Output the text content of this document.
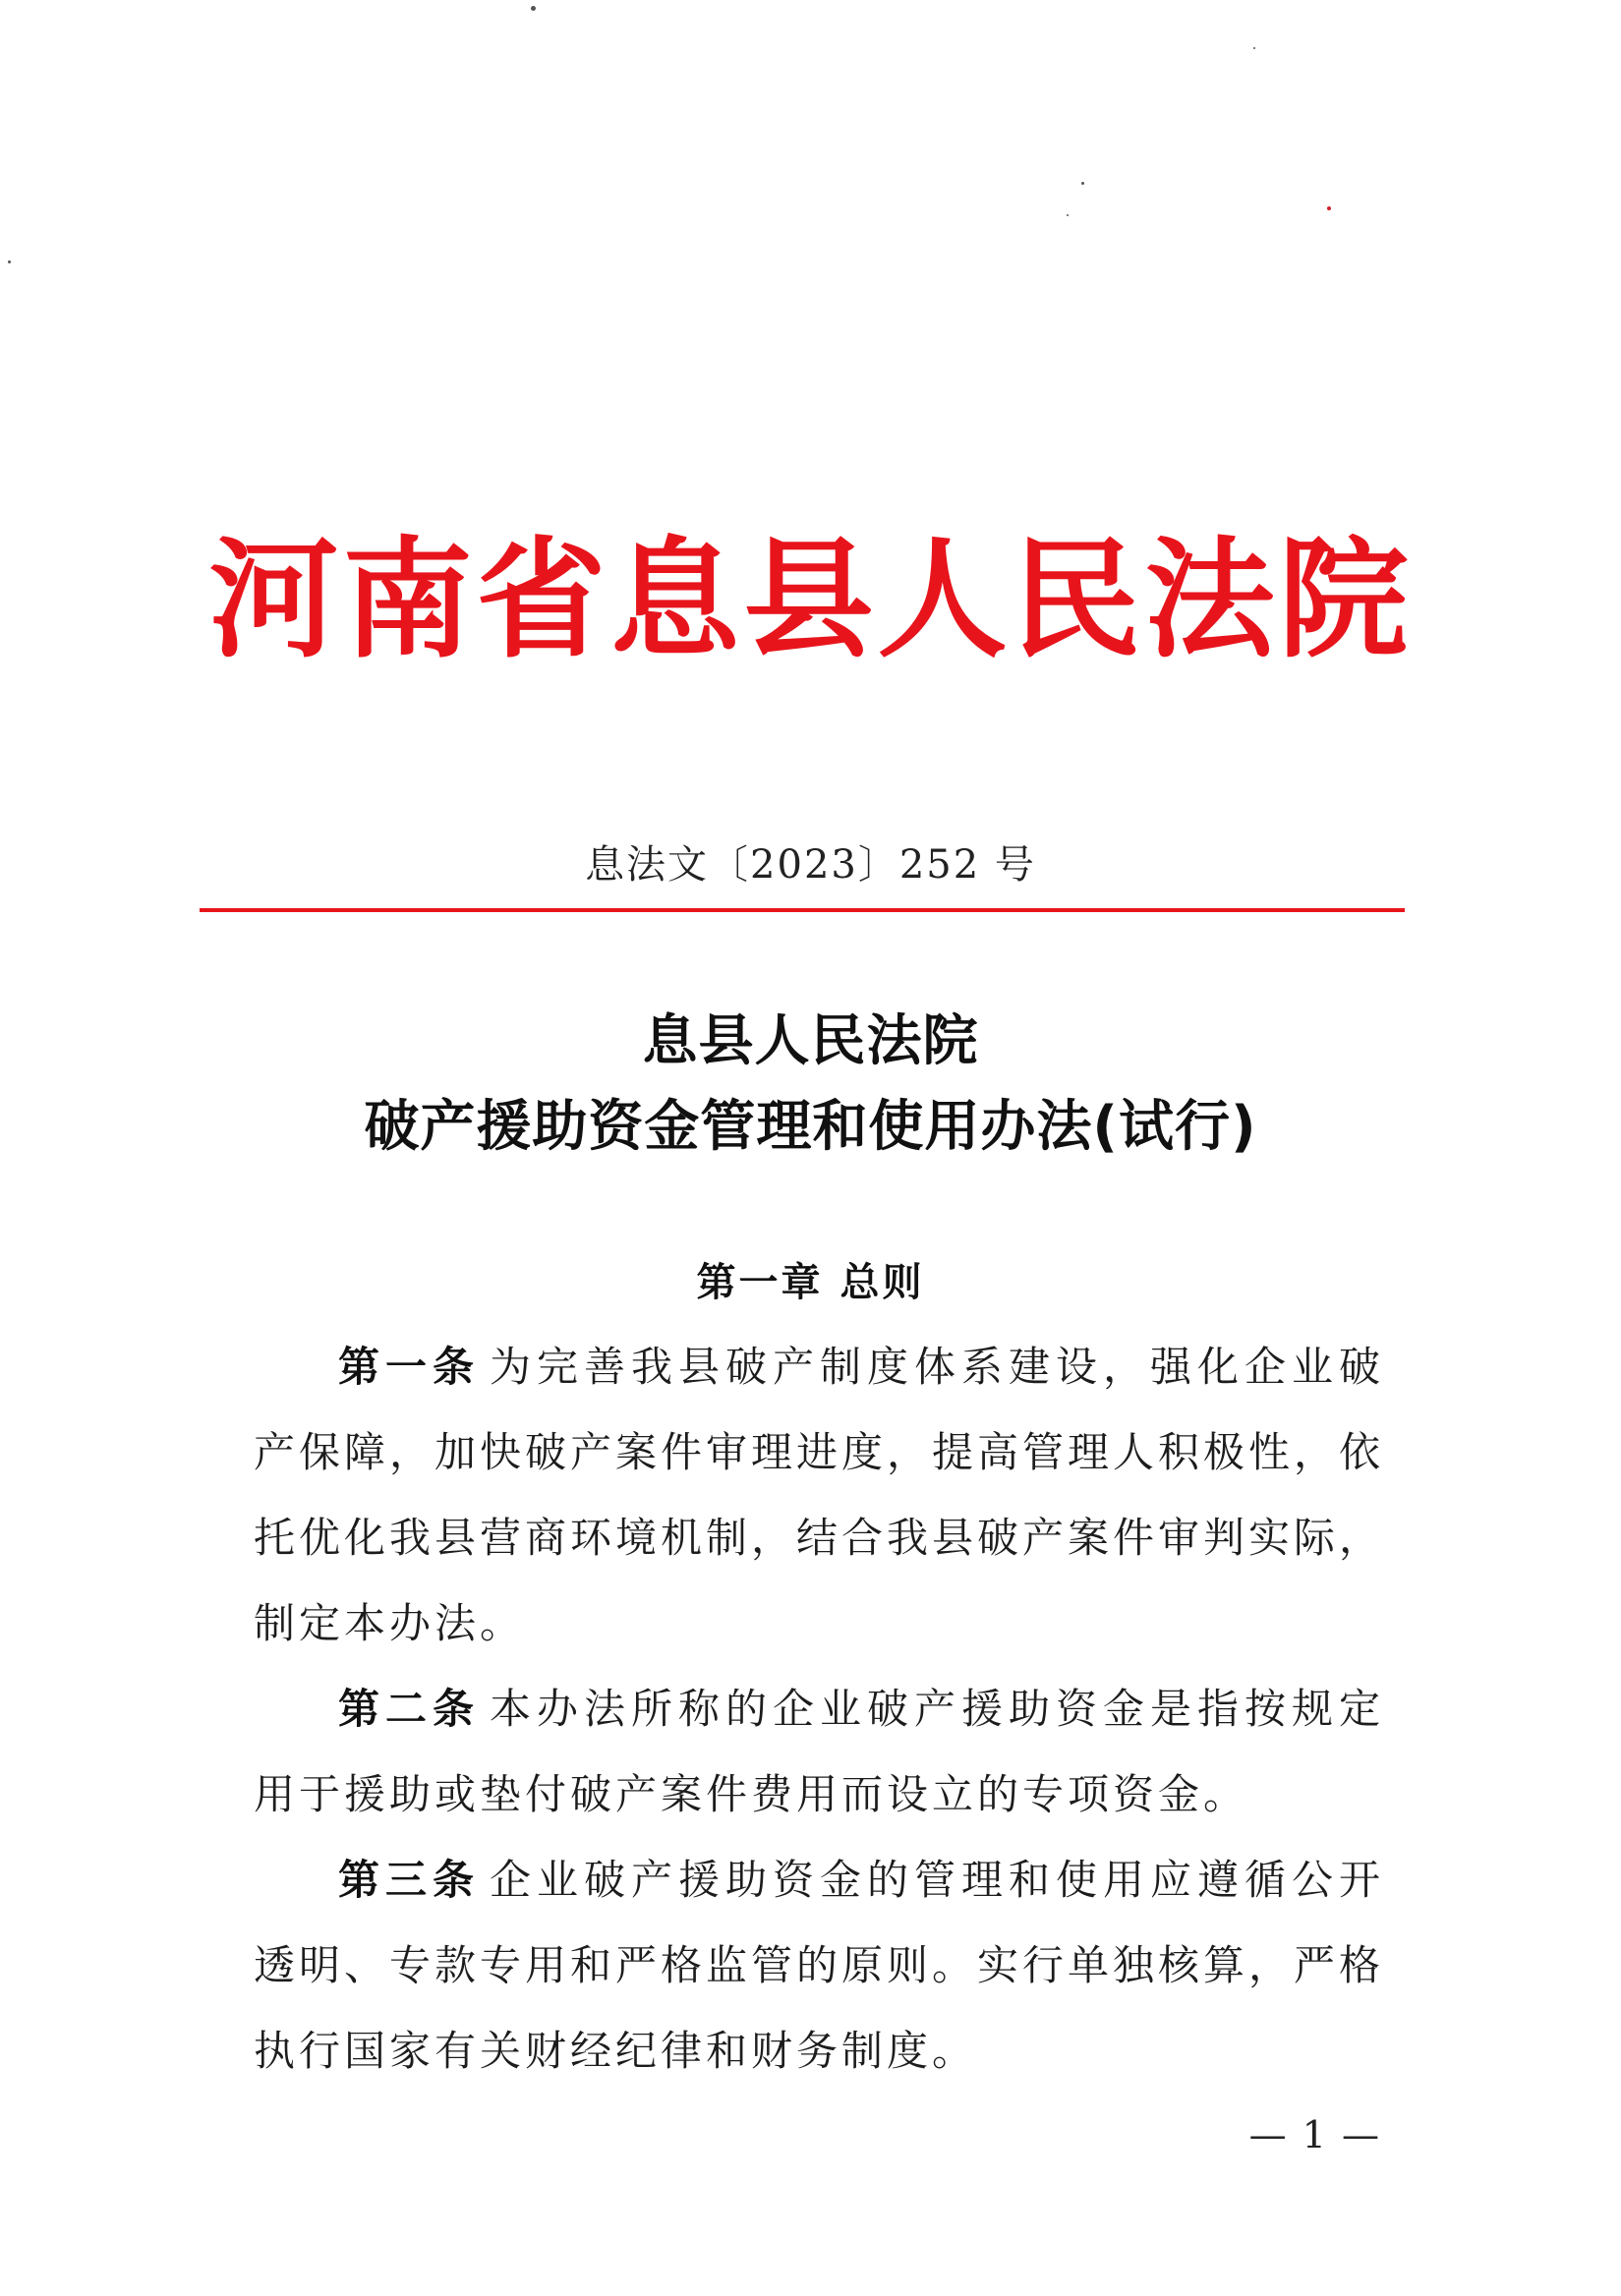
河南省息县人民法院
息法文〔2023〕252 号
息县人民法院
破产援助资金管理和使用办法(试行)
第一章 总则

第一条 为完善我县破产制度体系建设，强化企业破产保障，加快破产案件审理进度，提高管理人积极性，依托优化我县营商环境机制，结合我县破产案件审判实际，制定本办法。

第二条 本办法所称的企业破产援助资金是指按规定用于援助或垫付破产案件费用而设立的专项资金。

第三条 企业破产援助资金的管理和使用应遵循公开透明、专款专用和严格监管的原则。实行单独核算，严格执行国家有关财经纪律和财务制度。

— 1 —
